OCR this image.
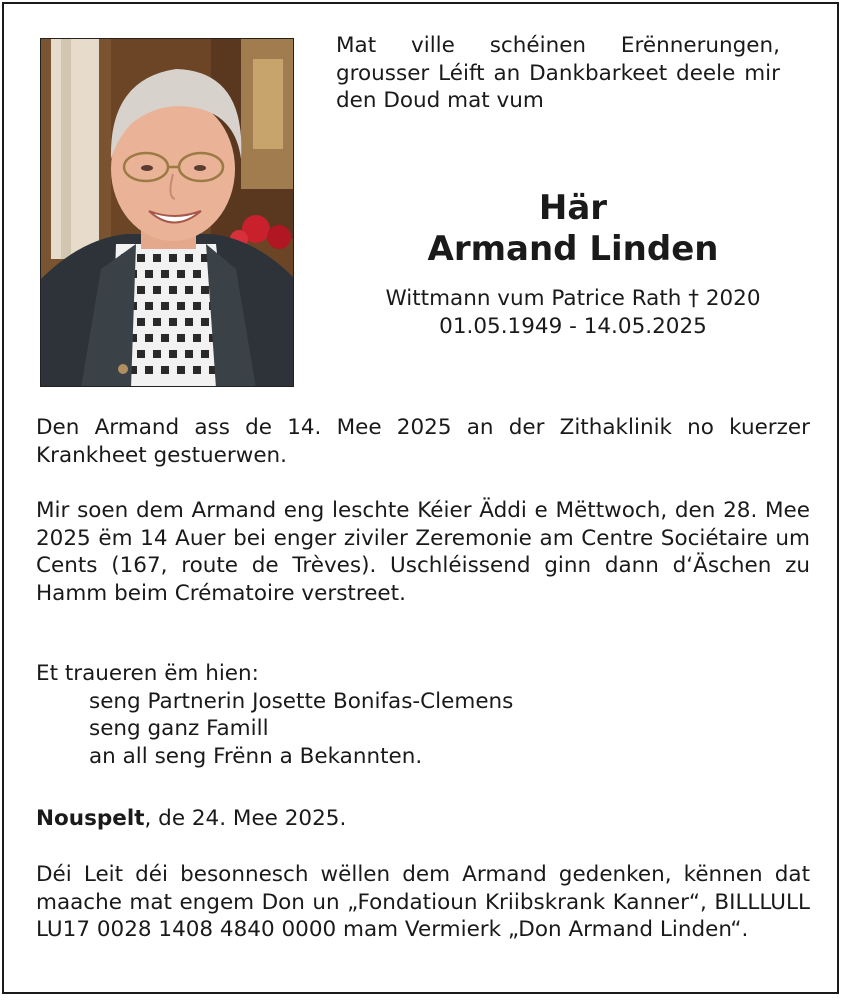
Mat ville schéinen Erënnerungen, grousser Léift an Dankbarkeet deele mir den Doud mat vum

Här
Armand Linden
Wittmann vum Patrice Rath † 2020
01.05.1949 - 14.05.2025

Den Armand ass de 14. Mee 2025 an der Zithaklinik no kuerzer Krankheet gestuerwen.

Mir soen dem Armand eng leschte Kéier Äddi e Mëttwoch, den 28. Mee 2025 ëm 14 Auer bei enger ziviler Zeremonie am Centre Sociétaire um Cents (167, route de Trèves). Uschléissend ginn dann d‘Äschen zu Hamm beim Crématoire verstreet.

Et traueren ëm hien:
seng Partnerin Josette Bonifas-Clemens
seng ganz Famill
an all seng Frënn a Bekannten.

Nouspelt, de 24. Mee 2025.

Déi Leit déi besonnesch wëllen dem Armand gedenken, kënnen dat maache mat engem Don un „Fondatioun Kriibskrank Kanner“, BILLLULL LU17 0028 1408 4840 0000 mam Vermierk „Don Armand Linden“.
